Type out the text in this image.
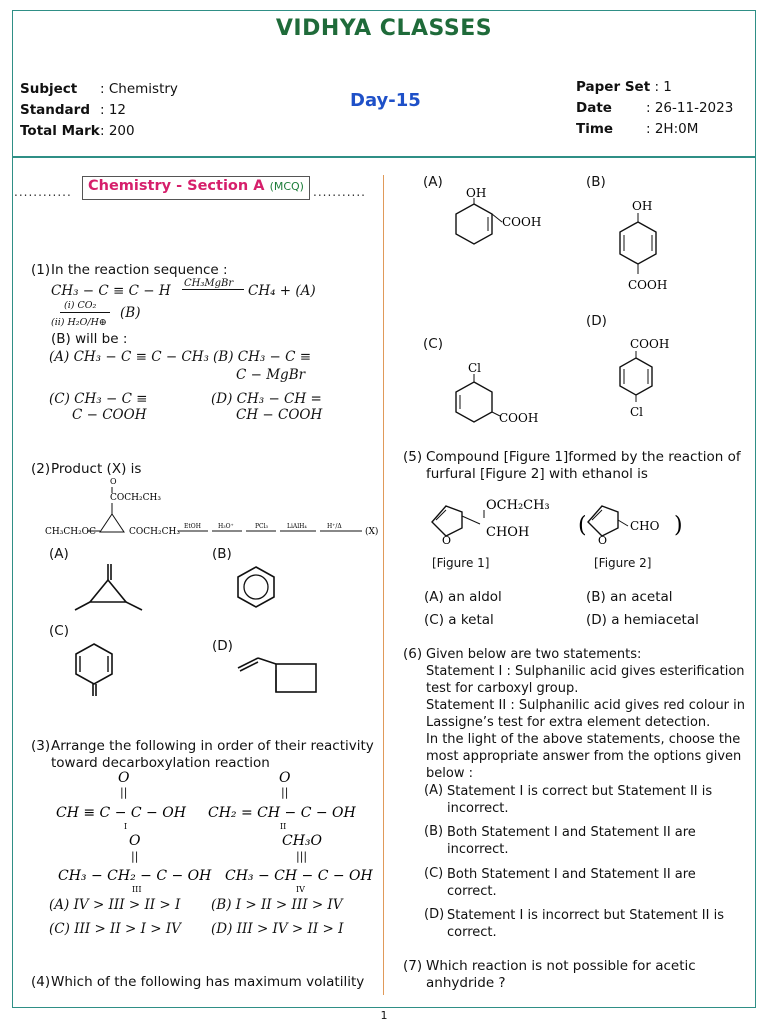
VIDHYA CLASSES
Subject : Chemistry
Standard : 12
Total Mark: 200
Day-15
Paper Set : 1
Date	: 26-11-2023
Time : 2H:0M
............	Chemistry - Section A (MCQ) ...........
(1) In the reaction sequence :
CH₃ − C ≡ C − H CH₃MgBr CH₄ + (A)
(i) CO₂
(ii) H₂O/H⊕
(B)
(B) will be :
(A) CH₃ − C ≡ C − CH₃ (B) CH₃ − C ≡
C − MgBr
(C) CH₃ − C ≡
C − COOH
(D) CH₃ − CH =
CH − COOH
(2) Product (X) is
O
COCH₂CH₃
CH₃CH₂OC	COCH₂CH₃
EtOH	H₃O⁺	PCl₃	LiAlH₄	H⁺/Δ
(X)
(A)	(B)
(C)
(D)
(3) Arrange the following in order of their reactivity
toward decarboxylation reaction
O
||
CH ≡ C − C − OH
I
O
||
CH₂ = CH − C − OH
II
O
||
CH₃ − CH₂ − C − OH
III
CH₃O
|||
CH₃ − CH − C − OH
IV
(A) IV > III > II > I (B) I > II > III > IV
(C) III > II > I > IV (D) III > IV > II > I
(4) Which of the following has maximum volatility
(A)
OH
COOH
(B)
OH
COOH
(C)
Cl
COOH
(D)
COOH
Cl
(5) Compound [Figure 1]formed by the reaction of
furfural [Figure 2] with ethanol is
O
OCH₂CH₃
CHOH (
O
CHO )
[Figure 1]	[Figure 2]
(A) an aldol	(B) an acetal
(C) a ketal	(D) a hemiacetal
(6) Given below are two statements:
Statement I : Sulphanilic acid gives esterification
test for carboxyl group.
Statement II : Sulphanilic acid gives red colour in
Lassigne’s test for extra element detection.
In the light of the above statements, choose the
most appropriate answer from the options given
below :
(A) Statement I is correct but Statement II is
incorrect.
(B) Both Statement I and Statement II are
incorrect.
(C) Both Statement I and Statement II are
correct.
(D) Statement I is incorrect but Statement II is
correct.
(7) Which reaction is not possible for acetic
anhydride ?
1
